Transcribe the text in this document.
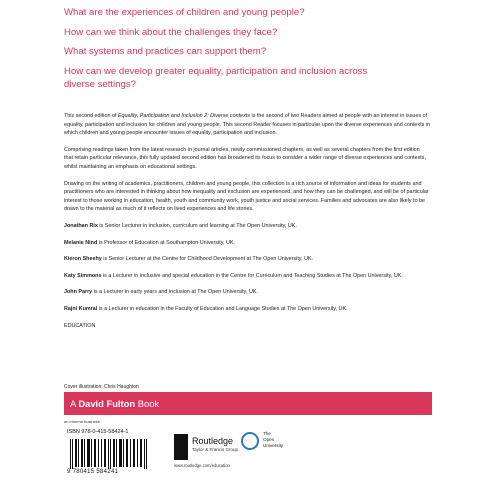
What are the experiences of children and young people?

How can we think about the challenges they face?

What systems and practices can support them?

How can we develop greater equality, participation and inclusion across
diverse settings?

This second edition of Equality, Participation and Inclusion 2: Diverse contexts is the second of two Readers aimed at people with an interest in issues of equality, participation and inclusion for children and young people. This second Reader focuses in particular upon the diverse experiences and contexts in which children and young people encounter issues of equality, participation and inclusion.

Comprising readings taken from the latest research in journal articles, newly commissioned chapters, as well as several chapters from the first edition that retain particular relevance, this fully updated second edition has broadened its focus to consider a wider range of diverse experiences and contexts, whilst maintaining an emphasis on educational settings.

Drawing on the writing of academics, practitioners, children and young people, this collection is a rich source of information and ideas for students and practitioners who are interested in thinking about how inequality and exclusion are experienced, and how they can be challenged, and will be of particular interest to those working in education, health, youth and community work, youth justice and social services. Families and advocates are also likely to be drawn to the material as much of it reflects on lived experiences and life stories.

Jonathan Rix is Senior Lecturer in inclusion, curriculum and learning at The Open University, UK.

Melanie Nind is Professor of Education at Southampton University, UK.

Kieron Sheehy is Senior Lecturer at the Centre for Childhood Development at The Open University, UK.

Katy Simmons is a Lecturer in inclusive and special education in the Centre for Curriculum and Teaching Studies at The Open University, UK.

John Parry is a Lecturer in early years and inclusion at The Open University, UK.

Rajni Kumrai is a Lecturer in education in the Faculty of Education and Language Studies at The Open University, UK.

EDUCATION

Cover illustration: Chris Haughton
A David Fulton Book
an informa business
ISBN 978-0-415-58424-1
9 780415 584241
Routledge
Taylor & Francis Group
The
Open
University
www.routledge.com/education
